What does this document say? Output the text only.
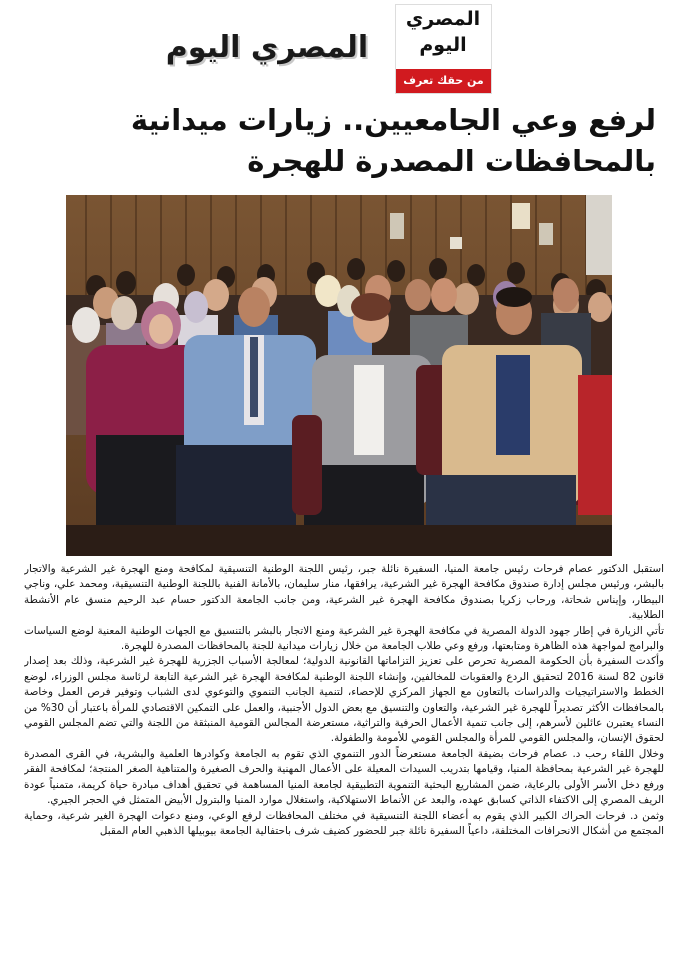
المصري اليوم
المصري
اليوم
من حقك تعرف
لرفع وعي الجامعيين.. زيارات ميدانية بالمحافظات المصدرة للهجرة

استقبل الدكتور عصام فرحات رئيس جامعة المنيا، السفيرة نائلة جبر، رئيس اللجنة الوطنية التنسيقية لمكافحة ومنع الهجرة غير الشرعية والاتجار بالبشر، ورئيس مجلس إدارة صندوق مكافحة الهجرة غير الشرعية، يرافقها، منار سليمان، بالأمانة الفنية باللجنة الوطنية التنسيقية، ومحمد علي، وناجي البيطار، وإيناس شحاتة، ورحاب زكريا بصندوق مكافحة الهجرة غير الشرعية، ومن جانب الجامعة الدكتور حسام عبد الرحيم منسق عام الأنشطة الطلابية.

تأتي الزيارة في إطار جهود الدولة المصرية في مكافحة الهجرة غير الشرعية ومنع الاتجار بالبشر بالتنسيق مع الجهات الوطنية المعنية لوضع السياسات والبرامج لمواجهة هذه الظاهرة ومتابعتها، ورفع وعي طلاب الجامعة من خلال زيارات ميدانية للجنة بالمحافظات المصدرة للهجرة.

وأكدت السفيرة بأن الحكومة المصرية تحرص على تعزيز التزاماتها القانونية الدولية؛ لمعالجة الأسباب الجزرية للهجرة غير الشرعية، وذلك بعد إصدار قانون 82 لسنة 2016 لتحقيق الردع والعقوبات للمخالفين، وإنشاء اللجنة الوطنية لمكافحة الهجرة غير الشرعية التابعة لرئاسة مجلس الوزراء، لوضع الخطط والاستراتيجيات والدراسات بالتعاون مع الجهاز المركزي للإحصاء، لتنمية الجانب التنموي والتوعوي لدى الشباب وتوفير فرص العمل وخاصة بالمحافظات الأكثر تصديراً للهجرة غير الشرعية، والتعاون والتنسيق مع بعض الدول الأجنبية، والعمل على التمكين الاقتصادي للمرأة باعتبار أن 30% من النساء يعتبرن عائلين لأسرهم، إلى جانب تنمية الأعمال الحرفية والتراثية، مستعرضة المجالس القومية المنبثقة من اللجنة والتي تضم المجلس القومي لحقوق الإنسان، والمجلس القومي للمرأة والمجلس القومي للأمومة والطفولة.

وخلال اللقاء رحب د. عصام فرحات بضيفة الجامعة مستعرضاً الدور التنموي الذي تقوم به الجامعة وكوادرها العلمية والبشرية، في القرى المصدرة للهجرة غير الشرعية بمحافظة المنيا، وقيامها بتدريب السيدات المعيلة على الأعمال المهنية والحرف الصغيرة والمتناهية الصغر المنتجة؛ لمكافحة الفقر ورفع دخل الأسر الأولى بالرعاية، ضمن المشاريع البحثية التنموية التطبيقية لجامعة المنيا المساهمة في تحقيق أهداف مبادرة حياة كريمة، متمنياً عودة الريف المصري إلى الاكتفاء الذاتي كسابق عهده، والبعد عن الأنماط الاستهلاكية، واستغلال موارد المنيا والبترول الأبيض المتمثل في الحجر الجيري.

وثمن د. فرحات الحراك الكبير الذي يقوم به أعضاء اللجنة التنسيقية في مختلف المحافظات لرفع الوعي، ومنع دعوات الهجرة الغير شرعية، وحماية المجتمع من أشكال الانحرافات المختلفة، داعياً السفيرة نائلة جبر للحضور كضيف شرف باحتفالية الجامعة بيوبيلها الذهبي العام المقبل
